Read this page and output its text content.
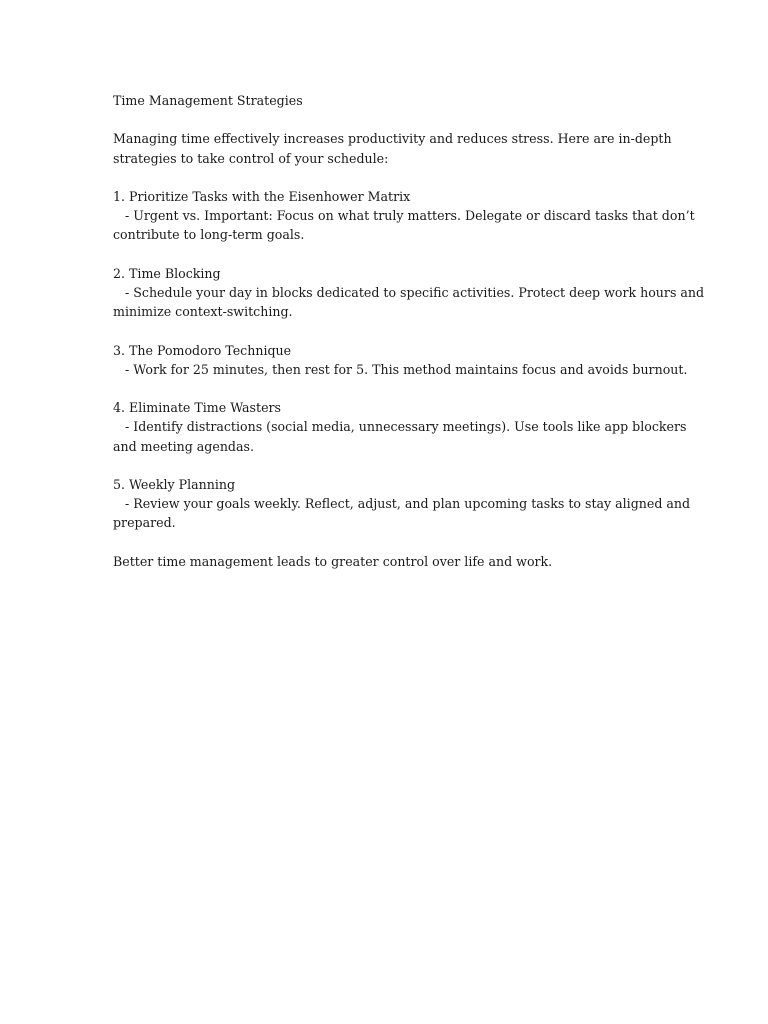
Time Management Strategies

Managing time effectively increases productivity and reduces stress. Here are in-depth
strategies to take control of your schedule:

1. Prioritize Tasks with the Eisenhower Matrix
- Urgent vs. Important: Focus on what truly matters. Delegate or discard tasks that don’t
contribute to long-term goals.

2. Time Blocking
- Schedule your day in blocks dedicated to specific activities. Protect deep work hours and
minimize context-switching.

3. The Pomodoro Technique
- Work for 25 minutes, then rest for 5. This method maintains focus and avoids burnout.

4. Eliminate Time Wasters
- Identify distractions (social media, unnecessary meetings). Use tools like app blockers
and meeting agendas.

5. Weekly Planning
- Review your goals weekly. Reflect, adjust, and plan upcoming tasks to stay aligned and
prepared.

Better time management leads to greater control over life and work.
